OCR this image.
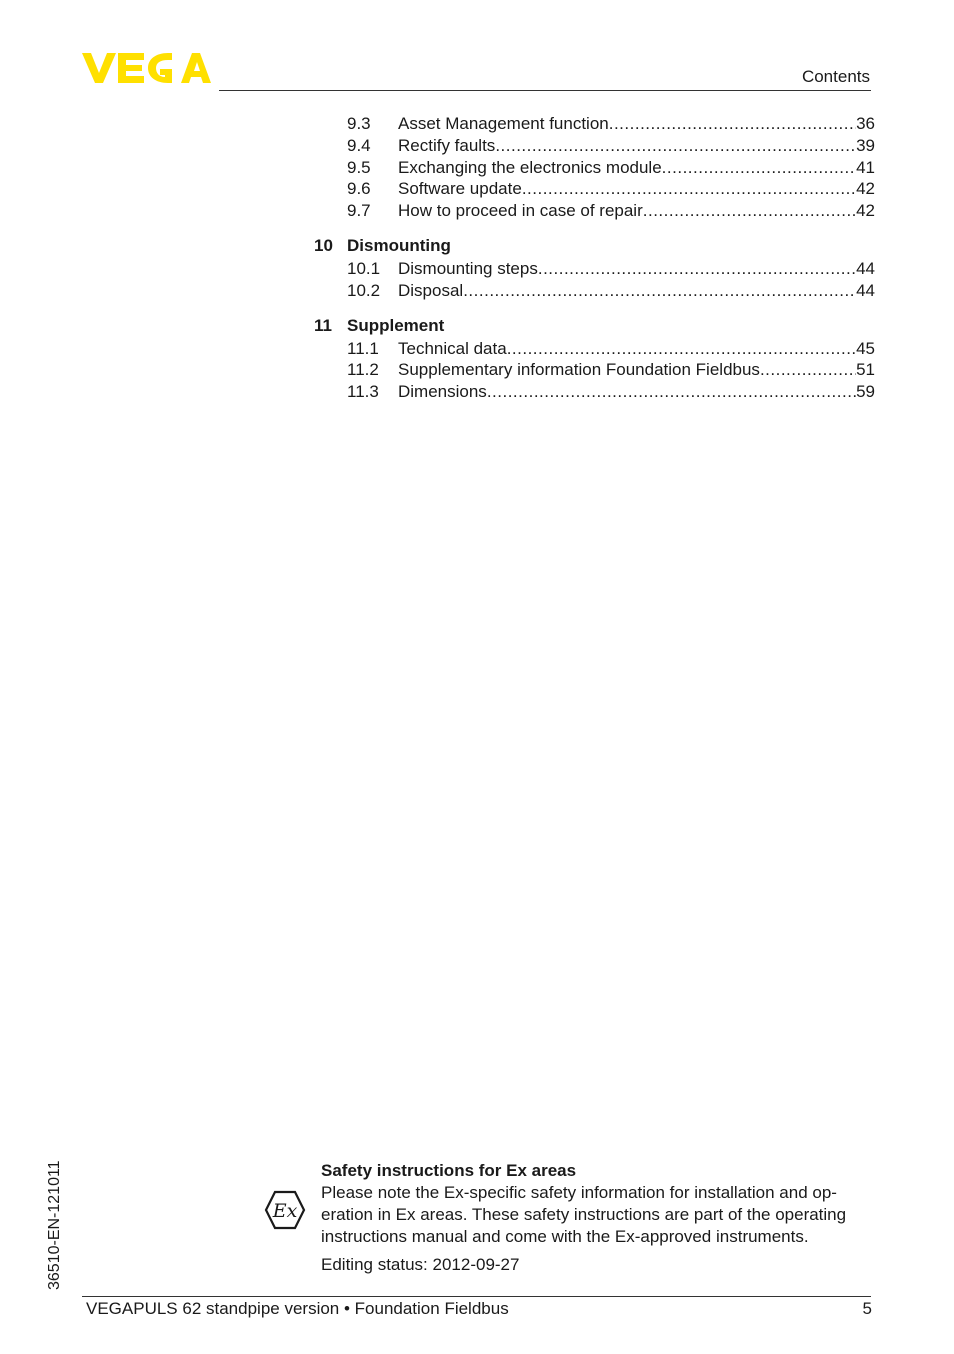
VEGA
Contents
9.3 Asset Management function .....	36
9.4 Rectify faults .....	39
9.5 Exchanging the electronics module .....	41
9.6 Software update .....	42
9.7 How to proceed in case of repair .....	42
10 Dismounting
10.1 Dismounting steps .....	44
10.2 Disposal .....	44
11 Supplement
11.1 Technical data .....	45
11.2 Supplementary information Foundation Fieldbus .....	51
11.3 Dimensions .....	59
36510-EN-121011	Ex
Safety instructions for Ex areas
Please note the Ex-specific safety information for installation and op-eration in Ex areas. These safety instructions are part of the operating instructions manual and come with the Ex-approved instruments.
Editing status: 2012-09-27
VEGAPULS 62 standpipe version • Foundation Fieldbus	5
